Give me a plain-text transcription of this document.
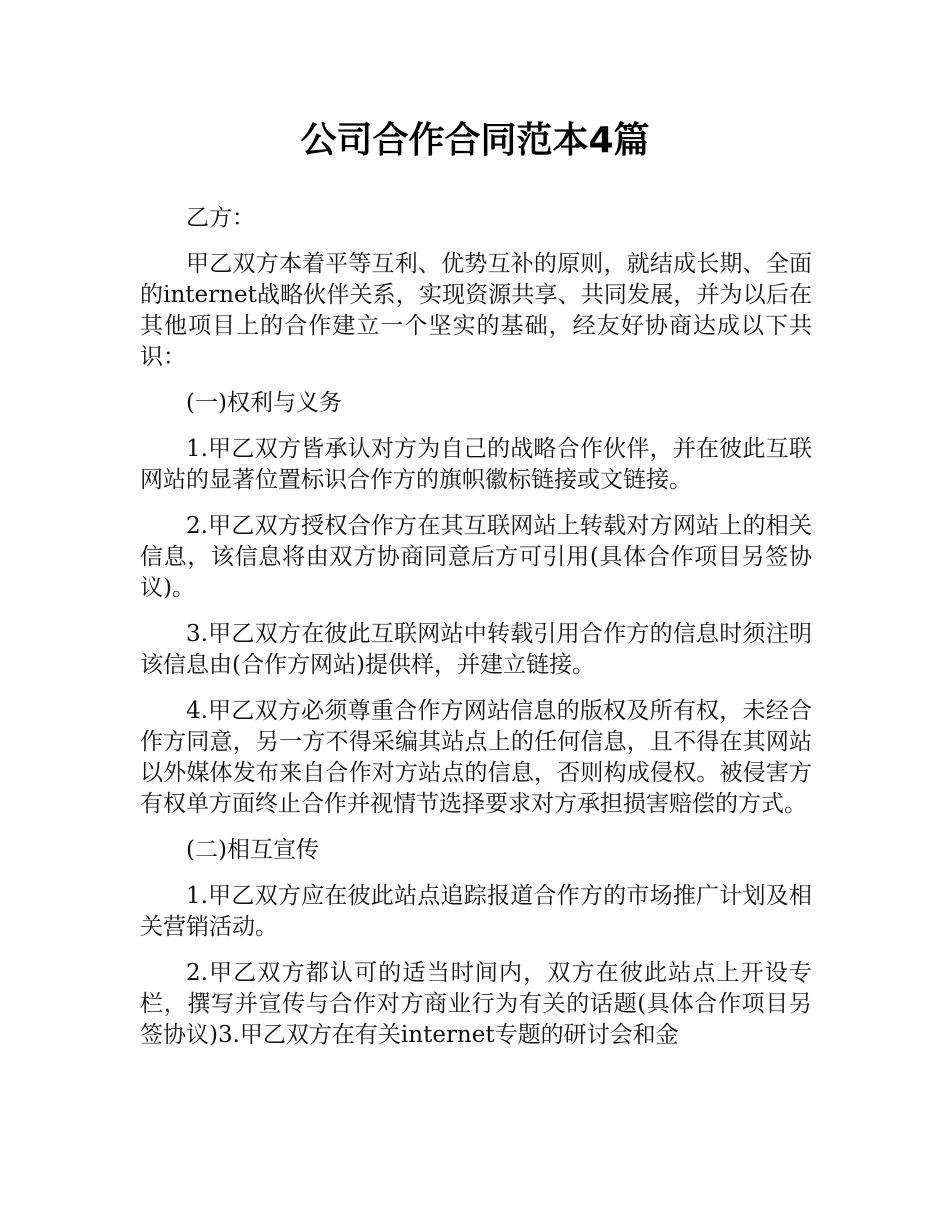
公司合作合同范本4篇

乙方：

甲乙双方本着平等互利、优势互补的原则，就结成长期、全面的internet战略伙伴关系，实现资源共享、共同发展，并为以后在其他项目上的合作建立一个坚实的基础，经友好协商达成以下共识：

(一)权利与义务

1.甲乙双方皆承认对方为自己的战略合作伙伴，并在彼此互联网站的显著位置标识合作方的旗帜徽标链接或文链接。

2.甲乙双方授权合作方在其互联网站上转载对方网站上的相关信息，该信息将由双方协商同意后方可引用(具体合作项目另签协议)。

3.甲乙双方在彼此互联网站中转载引用合作方的信息时须注明该信息由(合作方网站)提供样，并建立链接。

4.甲乙双方必须尊重合作方网站信息的版权及所有权，未经合作方同意，另一方不得采编其站点上的任何信息，且不得在其网站以外媒体发布来自合作对方站点的信息，否则构成侵权。被侵害方有权单方面终止合作并视情节选择要求对方承担损害赔偿的方式。

(二)相互宣传

1.甲乙双方应在彼此站点追踪报道合作方的市场推广计划及相关营销活动。

2.甲乙双方都认可的适当时间内，双方在彼此站点上开设专栏，撰写并宣传与合作对方商业行为有关的话题(具体合作项目另签协议)3.甲乙双方在有关internet专题的研讨会和金
